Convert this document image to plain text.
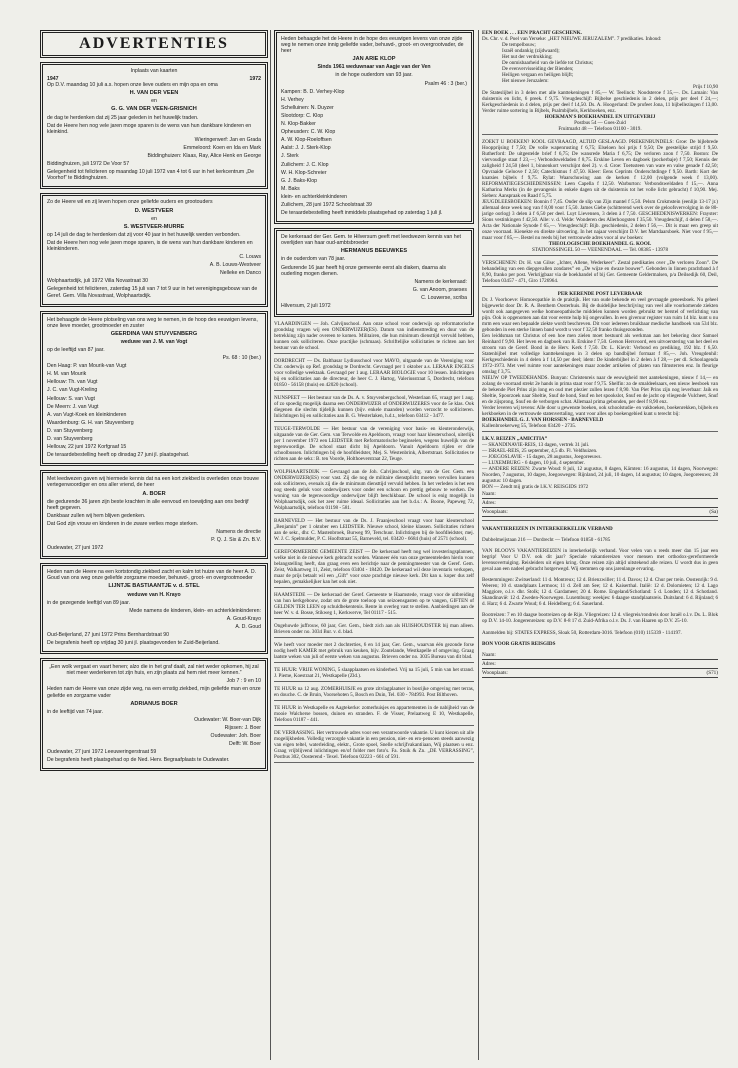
ADVERTENTIES

Inplaats van kaarten

1947	1972

Op D.V. maandag 10 juli a.s. hopen onze lieve ouders en mijn opa en oma

H. VAN DER VEEN

en

G. G. VAN DER VEEN-GRISNICH

de dag te herdenken dat zij 25 jaar geleden in het huwelijk traden.

Dat de Heere hen nog vele jaren moge sparen is de wens van hun dankbare kinderen en kleinkind.

Wieringerwerf: Jan en Grada

Emmeloord: Koen en Ida en Mark

Biddinghuizen: Klaas, Ray, Alice Henk en George

Biddinghuizen, juli 1972 De Voor 57

Gelegenheid tot feliciteren op maandag 10 juli 1972 van 4 tot 6 uur in het kerkcentrum „De Voorhof” te Biddinghuizen.

Zo de Heere wil en zij leven hopen onze geliefde ouders en grootouders

D. WESTVEER

en

S. WESTVEER-MURRE

op 14 juli de dag te herdenken dat zij voor 40 jaar in het huwelijk werden verbonden.

Dat de Heere hen nog vele jaren moge sparen, is de wens van hun dankbare kinderen en kleinkinderen.

C. Louws

A. B. Louws-Westveer

Nelleke en Danco

Wolphaartsdijk, juli 1972 Villa Novastraat 30

Gelegenheid tot feliciteren, zaterdag 15 juli van 7 tot 9 uur in het verenigingsgebouw van de Geref. Gem. Villa Novastraat, Wolphaartsdijk.

Het behaagde de Heere plotseling van ons weg te nemen, in de hoop des eeuwigen levens, onze lieve moeder, grootmoeder en zuster

GEERDINA VAN STUYVENBERG

weduwe van J. M. van Vogt

op de leeftijd van 87 jaar.

Ps. 68 : 10 (ber.)

Den Haag: P. van Mourik-van Vugt

H. M. van Mourik

Hellouw: Th. van Vugt

J. C. van Vugt-Kreling

Hellouw: S. van Vugt

De Meern: J. van Vugt

A. van Vugt-Koek en kleinkinderen

Waardenburg: G. H. van Stuyvenberg

D. van Stuyvenberg

D. van Stuyvenberg

Hellouw, 22 juni 1972 Korfgraaf 15

De teraardebestelling heeft op dinsdag 27 juni jl. plaatsgehad.

Met leedwezen gaven wij hiermede kennis dat na een kort ziekbed is overleden onze trouwe vertegenwoordiger en ons aller vriend, de heer

A. BOER

die gedurende 36 jaren zijn beste krachten in alle eenvoud en toewijding aan ons bedrijf heeft gegeven.

Dankbaar zullen wij hem blijven gedenken.

Dat God zijn vrouw en kinderen in de zware verlies moge sterken.

Namens de directie

P. Q. J. Six & Zn. B.V.

Oudewater, 27 juni 1972

Heden nam de Heere na een kortstondig ziekbed zacht en kalm tot huize van de heer A. D. Goud van ons weg onze geliefde zorgzame moeder, behuwd-, groot- en overgrootmoeder

LIJNTJE BASTIAANTJE v. d. STEL

weduwe van H. Krayo

in de gezegende leeftijd van 89 jaar.

Mede namens de kinderen, klein- en achterkleinkinderen:

A. Goud-Krayo

A. D. Goud

Oud-Beijerland, 27 juni 1972 Prins Bernhardstraat 90

De begrafenis heeft op vrijdag 30 juni jl. plaatsgevonden te Zuid-Beijerland.

„Een wolk vergaat en vaart henen; alzo die in het graf daalt, zal niet weder opkomen, hij zal niet meer wederkeren tot zijn huis, en zijn plaats zal hem niet meer kennen.”

Job 7 : 9 en 10

Heden nam de Heere van onze zijde weg, na een ernstig ziekbed, mijn geliefde man en onze geliefde en zorgzame vader

ADRIANUS BOER

in de leeftijd van 74 jaar.

Oudewater: W. Boer-van Dijk

Rijssen: J. Boer

Oudewater: Joh. Boer

Delft: W. Boer

Oudewater, 27 juni 1972 Leeuweringerstraat 59

De begrafenis heeft plaatsgehad op de Ned. Herv. Begraafplaats te Oudewater.

Heden behaagde het de Heere in de hope des eeuwigen levens van onze zijde weg te nemen onze innig geliefde vader, behuwd-, groot- en overgrootvader, de heer

JAN ARIE KLOP

Sinds 1961 weduwnaar van Aagje van der Ven

in de hoge ouderdom van 93 jaar.

Psalm 46 : 3 (ber.)

Kampen: B. D. Verhey-Klop

H. Verhey

Schelluinen: N. Duyzer

Slootdorp: C. Klop

N. Klop-Bakker

Opheusden: C. W. Klop

A. W. Klop-Roeloffsen

Aalst: J. J. Sterk-Klop

J. Sterk

Zuilichem: J. C. Klop

W. H. Klop-Schreier

G. J. Baks-Klop

M. Baks

klein- en achterkleinkinderen

Zuilichem, 28 juni 1972 Schoolstraat 39

De teraardebestelling heeft inmiddels plaatsgehad op zaterdag 1 juli jl.

De kerkeraad der Ger. Gem. te Hilversum geeft met leedwezen kennis van het overlijden van haar oud-ambtsbroeder

HERMANUS BEEUWKES

in de ouderdom van 78 jaar.

Gedurende 16 jaar heeft hij onze gemeente eerst als diaken, daarna als ouderling mogen dienen.

Namens de kerkeraad:

G. van Anoom, praeses

C. Louwerse, scriba

Hilversum, 2 juli 1972

VLAARDINGEN — Joh. Calvijnschool. Aan onze school voor onderwijs op reformatorische grondslag vragen wij een ONDERWIJZER(ES). Datum van indiensttreding en duur van de betrekking zijn nader overeen te komen. Militairen, die hun minimum diensttijd vervuld hebben, kunnen ook solliciteren. Onze practijke (schmaas). Schriftelijke sollicitaties te richten aan het bestuur van de school.

DORDRECHT — Ds. Balthasar Lydiusschool voor MAVO, uitgaande van de Vereniging voor Chr. onderwijs op Ref. grondslag te Dordrecht. Gevraagd per 1 oktober a.s. LERAAR ENGELS voor volledige weektaak. Gevraagd per 1 aug. LERAAR BIOLOGIE voor 10 lessen. Inlichtingen bij en sollicitaties aan de directeur, de heer C. J. Hartog, Valeriusstraat 5, Dordrecht, telefoon 01850 - 56158 (thuis) en 42020 (school).

NUNSPEET — Het bestuur van de Ds. A. v. Stuyvenbergschool, Westerlaan 65, vraagt per 1 aug. of zo spoedig mogelijk daarna een ONDERWIJZER of ONDERWIJZERES voor de 5e klas. Ook diegenen die slechts tijdelijk kunnen (bijv. enkele maanden) worden verzocht te solliciteren. Inlichtingen bij en sollicitaties aan B. G. Westerlaken, h.d.t., telefoon 03412 - 3477.

TEUGE-TERWOLDE — Het bestuur van de vereniging voor basis- en kleuteronderwijs, uitgaande van de Ger. Gem. van Terwolde en Apeldoorn, vraagt voor haar kleuterschool, uiterlijk per 1 november 1972 een LEIDSTER met Reformatorische beginselen, wegens huwelijk van de tegenwoordige. De school staat dicht bij Apeldoorn. Vanuit Apeldoorn rijden er drie schoolbussen. Inlichtingen bij de hoofdleidster, Mej. S. Westenbrink, Albertstraat. Sollicitaties te richten aan de sekr.: B. ten Voorde, Holthoeverstraat 22, Teuge.

WOLPHAARTSDIJK — Gevraagd aan de Joh. Calvijnschool, uitg. van de Ger. Gem. een ONDERWIJZER(ES) voor vast. Zij die nog de militaire dienstplicht moeten vervullen kunnen ook solliciteren, evenals zij die de minimum diensttijd vervuld hebben. In het verleden is het een nog steeds geluk voor onderwijzers voor onder een schoon en prettig gebouw te werken. De woning van de tegenwoordige onderwijzer blijft beschikbaar. De school is enig mogelijk in Wolphaartsdijk, ook het zeer ruime ideaal. Sollicitaties aan het b.d.s.: A. Boone, Papeweg 72, Wolphaartsdijk, telefoon 01198 - 581.

BARNEVELD — Het bestuur van de Ds. J. Fraanjeschool vraagt voor haar kleuterschool „Benjamin” per 1 oktober een LEIDSTER. Nieuwe school, kleine klassen. Sollicitaties richten aan de sekr., dhr. C. Mastenbroek, Burweg 99, Terschuur. Inlichtingen bij de hoofdleidster, mej. W. J. C. Spelmulder, P. C. Hooftstraat 55, Barneveld, tel. 03420 - 6684 (huis) of 2571 (school).

GEREFORMEERDE GEMEENTE ZEIST — De kerkeraad heeft nog wel investeringsplannen, welke niet in de nieuwe kerk gebracht worden. Wanneer één van onze gemeenteleden hierin voor belangstelling heeft, dan graag even een berichtje naar de penningmeester van de Geref. Gem. Zeist, Walkartweg 11, Zeist, telefoon 03404 - 18420. De kerkeraad wil deze inventaris verkopen, maar de prijs betaalt wil een „Gift” voor onze prachtige nieuwe kerk. Dit kan u. koper dus zelf bepalen, gemakkelijker kan het ook niet.

HAAMSTEDE — De kerkeraad der Geref. Gemeente te Haamstede, vraagt voor de uitbreiding van hun kerkgebouw, zodat om de grote toeloop van seizoensgasten op te vangen, GIFTEN of GELDEN TER LEEN op schuldbekentenis. Rente in overleg vast te stellen. Aanbiedingen aan de heer W. v. d. Bosse, Stikweg 1, Kerkwerve, Tel 01117 - 515.

Ongehuwde juffrouw, 60 jaar, Ger. Gem., biedt zich aan als HUISHOUDSTER bij man alleen. Brieven onder no. 3034 Bur. v. d. blad.

Wie heeft voor moeder met 2 dochterties, 6 en 14 jaar, Ger. Gem., waarvan één gezonde forse nodig heeft KAMER met gebruik van keuken, bijv. Zoutelande, Westkapelle of omgeving. Graag laatste weken van juli of eerste weken van augustus. Brieven onder no. 3035 Bureau van dit blad.

TE HUUR: VRIJE WONING, 5 slaapplaatsen en kinderbed. Vrij na 15 juli, 5 min van het strand. J. Pieme, Koestraat 21, Westkapelle (Zld.).

TE HUUR na 12 aug. ZOMERHUISJE en grote zitvlagplaatser in bosrijke omgeving met terras, en douche. C. de Bruin, Voorsehoten 5, Bosch en Duin, Tel. 030 - 784993. Post Bilthoven.

TE HUUR in Westkapelle en Aagtekerke: zomerhuisjes en appartementen in de nabijheid van de mooie Walcherse bossen, duinen en stranden. F. de Visser, Prelaatweg E 10, Westkapelle, Telefoon 01187 - 441.

DE VERRASSING. Het vertrouwde adres voor een verantwoorde vakantie. U kunt kiezen uit alle mogelijkheden. Volledig verzorgde vakantie in een pension, niet- en ero-pensoen steeds aanwezig van eigen teltel, waterleiding, elektr., Grote spoel, Snelle schrijfvakantiiaan, Wij plaatsen u enz. Graag vrijblijvend inlichtingen en/of folder met foto's. Fa. Stuik & Zn. „DE VERRASSING”, Postbus 302, Oosterend - Texel. Telefoon 02223 - 661 of 591.

EEN BOEK . . . EEN PRACHT GESCHENK.

Ds. Chr. v. d. Poel van Yerseke: „HET NIEUWE JERUZALEM”. 7 predikaties. Inhoud:

De tempelbouw;

Israël ondankig (zijdwaard);

Het nut der verdrukking;

De onmisbaarheid van de liefde tot Christus;

De evenvervisseiding der Bienden;

Heiligen vergaan en heiligen blijft;

Het nieuwe Jeruzalem:

Prijs f 10,90

De Stateslijbel in 3 delen met alle kanttekeningen f 85,— W. Teelinck: Noodsteroe f 35,—. Ds. Lamain: Van duisternis en licht, 6 preek. f 9,75. Vreugdeschijf: Bijbelse geschiedenis in 2 delen, prijs per deel f 24,—; Kerkgeschiedenis in 4 delen, prijs per deel f 14,50. Ds. A. Hoogerland: De profeet Jona, 11 bijbellezingen f 13,00. Verder ruime sortering in Bijbels, Psalmbijbels, Kerkboeken, enz.

HOEKMAN'S BOEKHANDEL EN UITGEVERIJ

Postbus 54 — Goes-Zuid

Fruitmarkt 48 — Telefoon 01100 - 3019.

ZOEKT U BOEKEN? KOOL GEVRAAGD, ALTIJD GESLAAGD. PREKENBUNDELS: Groe: De bijlebrede Hoopprijsing f 7,50; De volle wapenrusting f 6,75; Elseloen hoi prijs f 9,50; De geestelijke strijd f 9,50. Rutherford: De uitgestelde brief f 6,75; De wansrede Maria f 6,75; De verloren zoon f 7,50. Boston: De viervoudige staat f 23,—; Verbondsweldaden f 8,75. Erskine Leven en dagboek (pockerbaje) f 7,50; Kennis der zaligheid f 24,50 (deel 1, binnenkort verschijnt deel 2). v. d. Groe: Toetssteen van ware en valse genade f 42,50; Opvraaide Geloove f 2,50; Catechismus f 47,50. Kleer: Eens Ceprints Onderschtdinge f 9,50. Barth: Kort der knatsies bijbels f 9,75. Rylat: Waarschuwing aan de kerken f 12,00 (volgende week f 13,00). REFORMATIEGESCHIEDENISSEN: Leen Capella f 12,50. Warburton: Verbondsweldaden f 15,—. Anna Katharina Merks (in de gevangenis in enkele dagen uit de duisternis tot het volle licht gebracht) f 10,90. Mej. Sieben: Aanspraak en Raad f 5,75.

JEUGDLEESBOEKEN: Bonnin f 7,45. Onder de slip van Zijn mantel f 5,50. Pelsm Crokmstein (eenlijn 13-17 jr.) allemaal deze week nog van f 8,00 voor f 5,50. James Giebe (schitterend werk over de geloofsvervolging in de 80-jarige oorlog) 3 delen à f 6,50 per deel. Luyt Lievensen, 3 delen à f 7,50. GESCHIEDENISWERKEN: Frayster: Sions vestinkingen f 42,50. Alle: v. d. Velde: Wonderen des Allerhoogsten f 35,50. Vreugdeschijf, 4 delen f 58,—. Acta der Nationale Synode f 65,—. Vreugdeschijf: Bijb. geschiedenis, 2 delen f 56,—. Dit is maar een greep uit onze voorraad. Kienekte en direkte uitvoering. In het najaar verschijnt D.V. het Martdaarsboek. Niet voor f 95,— maar voor f 85,—. Bestel nu reeds bij het vertrouwde adres voor al uw boeken:

THEOLOGISCHE BOEKHANDEL G. KOOL

STATIONSSINGEL 50 — VEENENDAAL — Tel. 08385 - 13978

VERSCHENEN: Dr. H. van Gilse: „Ichter, Allene, Wederkeer”. Zestal predikaties over „De verloren Zoon”. De behandeling van een diepgevallen zondares” en „De wijze en dwaze bouwer”. Gebonden in linnen prachtband à f 8,90, franko per post. Verkrijgbaar via de boekhandel of bij Ger. Gemeente Geldermalsen, p/a Deilsedijk 60, Deil, Telefoon 03457 - 471, Giro 1726964.

PER KERENDE POST LEVERBAAR

Dr. J. Voorhoeve: Homoeopathie in de praktijk. Het van oude bekende en veel gevraagde geneesboek. Nu geheel bijgewerkt door Dr. R. A. Benthem Oosterhuis. Bij de duidelijke beschrijving van veel alle voorkomende ziekten wordt ook aangegeven welke homoeopathische middelen kunnen worden gebruikt ter herstel of verlichting van pijn. Ook is opgenomen aan dat voor eerste hulp bij ongevallen. In een giveruur register van ruim 14 blz. kunt u nu mrm een waar een bepaalde ziekte wordt beschreven. Dit voor iedereen bruikbaar medische handboek van 534 blz. gebonden in een sterke linnen band wordt u voor f 32,50 franko thuisgezonden.

Een leiddsman tot Christus of een hoe men zielen moet bestuurd als werkman aan het bekering door Samuel Reinhard f 9,90. Het leven en dagboek van R. Erskine f 7,50. Gerson Hersvoord, een uitvoerstering van het deel en stroom van de Geref. Bond in de Herv. Kerk f 7,50. Dr. L. Kievit: Verbond en prediking, 192 blz. f 6,50. Statenbijbel met volledige kanttekeningen in 3 delen op bandbijbel formaat f 85,—. Joh. Vreugdenhil: Kerkgeschiedenis in 4 delen à f 14,50 per deel; idem: De kinderbijbel in 2 delen à f 28,— per dl. Schoolagenda 1972-1973. Met veel ruimte voor aantekeningen maar zonder artikelen of platen van filmsterren enz. In fleurige omslag f 3,75.

NIEUW OP TWEEDEHANDS. Bunyan: Christenreis naar de eeuwigheid met aantekeningen, nieuw f 14,— en zolang de voorraad strekt 2e hands in prima staat voor f 9,75. Shelfin: zo de smaldeelsaars, een nieuw leesboek van de bekende Piet Prins zijn long en oud met plezier zullen lezen f 8,90. Van Piet Prins zijn nog leverbaar: Jaik en Sheltie, Spoorzoek naar Sheltie, Snuf de hond, Snuf en het spookslot, Snuf en de jacht op vliegende Vulcheet, Snuf en de zijsprong, Snuf en de verborgen schat. Allemaal prima gebonden, per deel f 8,90 enz.

Verder leveren wij tevens: Alle door u gewenste boeken, ook schoolstudie- en vakboeken, boekenrekken, bijbels en kerkboeken in de vertrouwde statenvertaling, want voor alles op boekengebied kunt u terecht bij:

BOEKHANDEL G. J. VAN HORSSEN - BARNEVELD

Kallenbroekerweg 55, Telefoon 03420 - 2735.

I.K.V. REIZEN „AMICITIA”

— SKANDINAVIE-REIS, 13 dagen, vertrek 31 juli.

— ISRAEL-REIS, 25 september, 4,5 db. Fl. Veldhuizen.

— JOEGOSLAVIE - 15 dagen, 28 augustus, Joegoreeuws.

— LUXEMBURG - 6 dagen, 10 juli, 4 september.

— ANDERE REIZEN: Zwarte Woud: 8 juli, 12 augustus, 8 dagen, Kärnten: 16 augustus, 14 dagen, Noorwegen: Noorden, 7 augustus, 10 dagen, Joegoswegen: Rijnland, 24 juli, 10 dagen, 14 augustus; 10 dagen, Joegoreeuws; 28 augustus: 10 dagen.

BON — Zendt mij gratis de I.K.V. REISGIDS 1972

Naam:
Adres:
Woonplaats:	(Sa)

VAKANTIEREIZEN IN INTEREKERKELIJK VERBAND

Dubbelmeijstaan 216 — Dordrecht — Telefoon 01850 - 61785

VAN BLOOYS VAKANTIEREIZEN in interkerkelijk verband. Voor velen van u reeds meer dan 15 jaar een begrip! Voor U D.V. ook dit jaar? Speciale vakantiereizen voor mensen met orthodox-gereformeerde levensovertuiging. Reisleiders uit eigen kring. Onze reizen zijn altijd uitstekend alle reizen. U wordt dus in geen geval aan een nadeel gebracht hotgerwegd. Wij stemmen op ons jarenlange ervaring.

Bestemmingen: Zwitserland: 11 d. Montreux; 12 d. Brienzwiller; 11 d. Davos; 12 d. Chur per trein. Oostenrijk: 9 d. Weeren; 10 d. standplaats Lermoos; 11 d. Zell am See; 12 d. Kaiserthal. Italië: 12 d. Dolomieten; 12 d. Lago Maggiore, o.l.v. dhr. Stolk; 12 d. Gardameer; 20 d. Rome. Engeland/Schotland: 5 d. Londen; 12 d. Schotland. Skandinavië: 12 d. Zweden-Noorwegen. Luxemburg: weekjes: 6 daagse standplaatsreis. Duitsland: 6 d. Rijnland; 6 d. Harz; 6 d. Zwarte Woud; 6 d. Heidelberg; 6 d. Sauerland.

Bootreizen: 7 en 10 daagse bootreizen op de Rijn. Vliegreizen: 12 d. vliegreis/rondreis door Israël o.l.v. Ds. L. Blok op D.V. 14-10. Jongerenreizen: op D.V. 8-8 17 d. Zuid-Afrika o.l.v. Ds. J. van Haaren op D.V. 25-10.

Aanmelden bij: STATES EXPRESS, Sloak 50, Rotterdam-3016. Telefoon (010) 115339 - 114197.

BON VOOR GRATIS REISGIDS

Naam:
Adres:
Woonplaats:	(S71)
